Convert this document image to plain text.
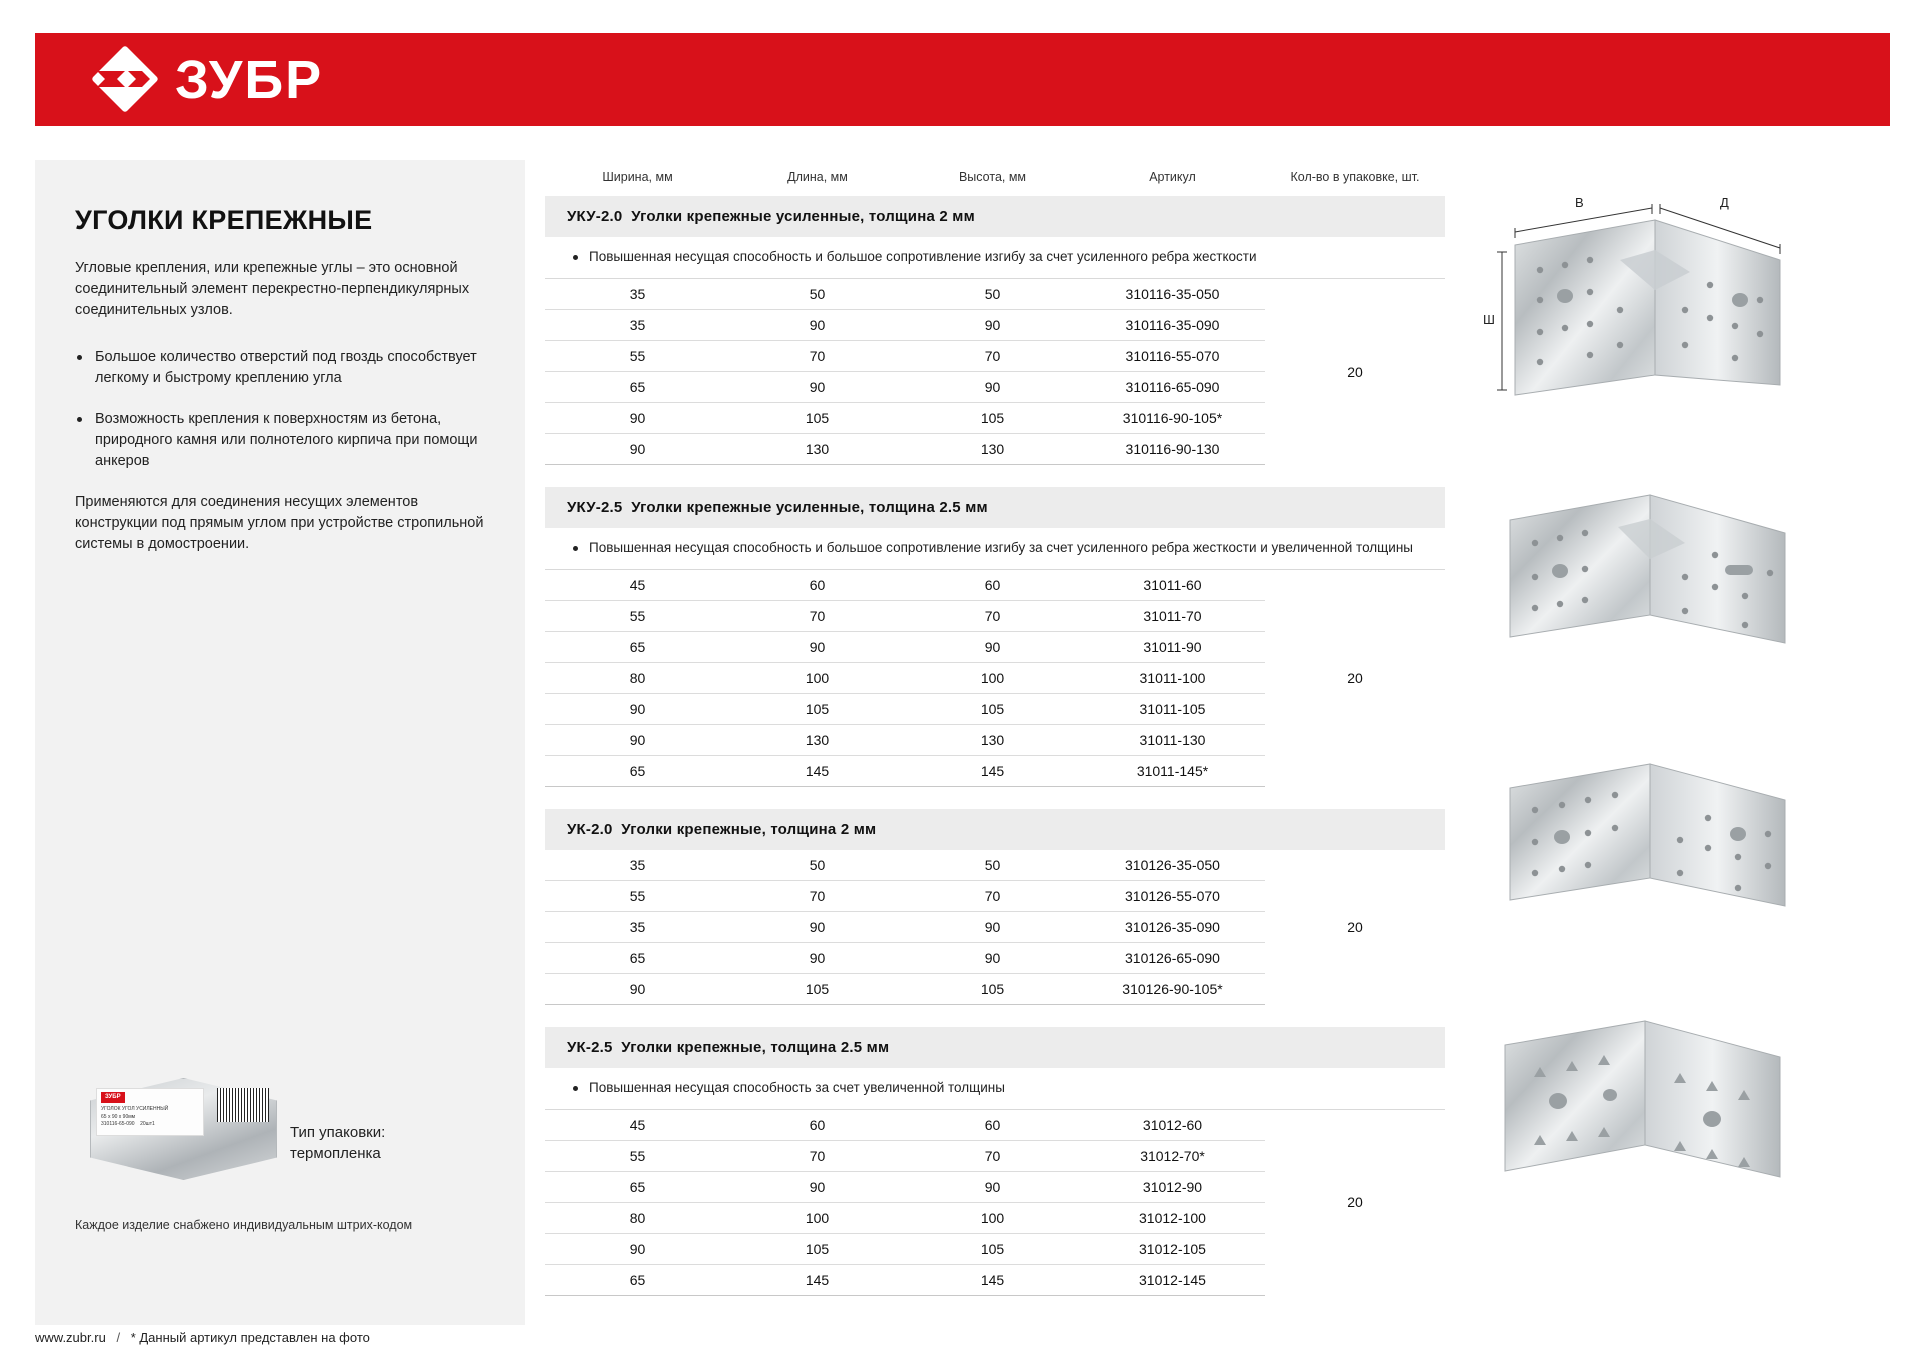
ЗУБР
УГОЛКИ КРЕПЕЖНЫЕ
Угловые крепления, или крепежные углы – это основной соединительный элемент перекрестно-перпендикулярных соединительных узлов.
Большое количество отверстий под гвоздь способствует легкому и быстрому креплению угла
Возможность крепления к поверхностям из бетона, природного камня или полнотелого кирпича при помощи анкеров
Применяются для соединения несущих элементов конструкции под прямым углом при устройстве стропильной системы в домостроении.
ЗУБР
УГОЛОК УГОЛ УСИЛЕННЫЙ
65 x 90 x 90мм
310116-65-090 20шт1	Тип упаковки:
термопленка
Каждое изделие снабжено индивидуальным штрих-кодом
www.zubr.ru / * Данный артикул представлен на фото
Ширина, мм	Длина, мм	Высота, мм	Артикул	Кол-во в упаковке, шт.
УКУ-2.0 Уголки крепежные усиленные, толщина 2 мм
Повышенная несущая способность и большое сопротивление изгибу за счет усиленного ребра жесткости
35	50	50	310116-35-050	20
35	90	90	310116-35-090	
55	70	70	310116-55-070	
65	90	90	310116-65-090	
90	105	105	310116-90-105*	
90	130	130	310116-90-130	
УКУ-2.5 Уголки крепежные усиленные, толщина 2.5 мм
Повышенная несущая способность и большое сопротивление изгибу за счет усиленного ребра жесткости и увеличенной толщины
45	60	60	31011-60	20
55	70	70	31011-70	
65	90	90	31011-90	
80	100	100	31011-100	
90	105	105	31011-105	
90	130	130	31011-130	
65	145	145	31011-145*	
УК-2.0 Уголки крепежные, толщина 2 мм
35	50	50	310126-35-050	20
55	70	70	310126-55-070	
35	90	90	310126-35-090	
65	90	90	310126-65-090	
90	105	105	310126-90-105*	
УК-2.5 Уголки крепежные, толщина 2.5 мм
Повышенная несущая способность за счет увеличенной толщины
45	60	60	31012-60	20
55	70	70	31012-70*	
65	90	90	31012-90	
80	100	100	31012-100	
90	105	105	31012-105	
65	145	145	31012-145	
В	Д
Ш
